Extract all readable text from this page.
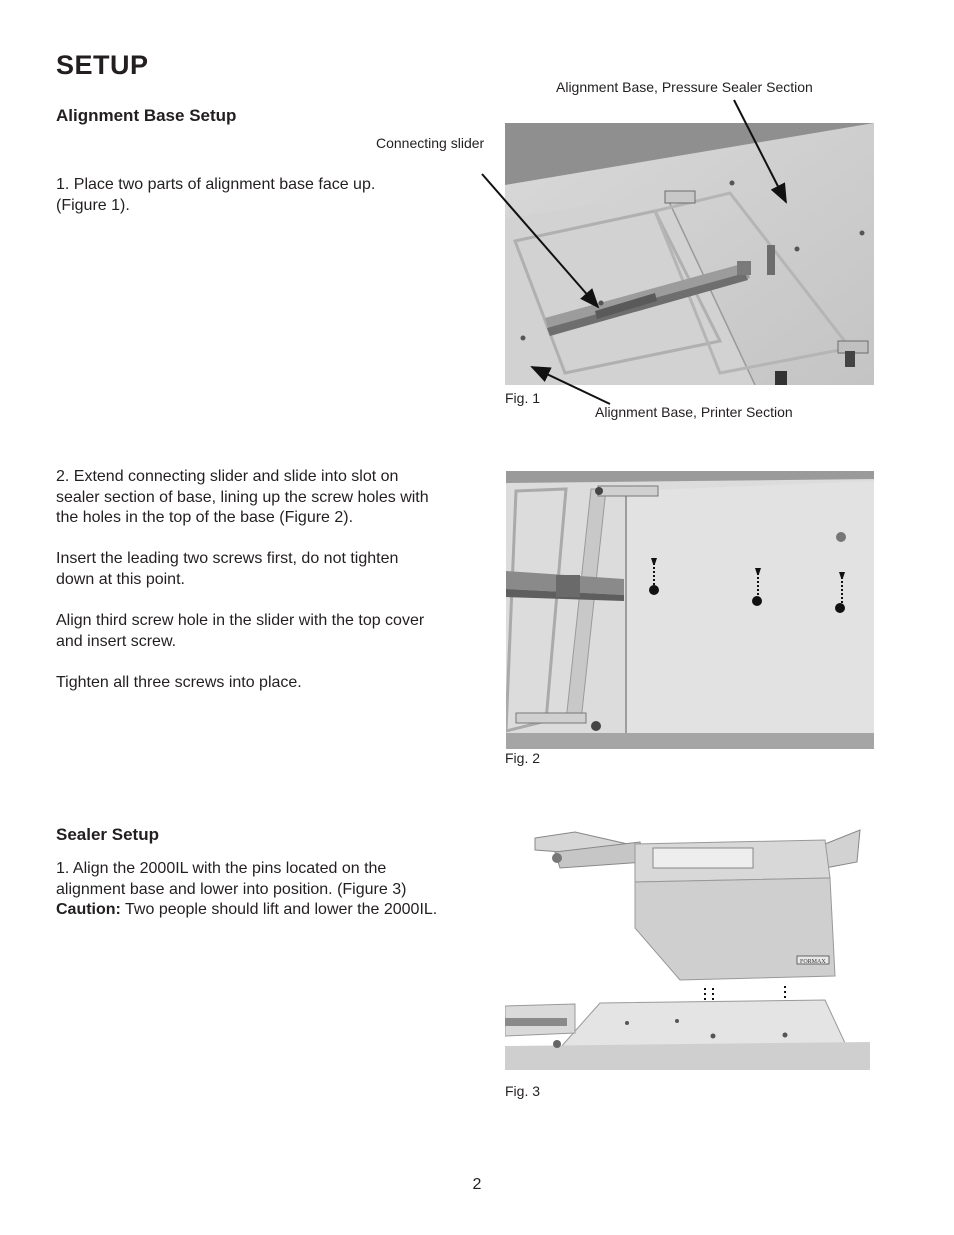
SETUP
Alignment Base Setup
1. Place two parts of alignment base face up.
(Figure 1).
Alignment Base, Pressure Sealer Section
Connecting slider
Fig. 1
Alignment Base, Printer Section

2. Extend connecting slider and slide into slot on sealer section of base, lining up the screw holes with the holes in the top of the base (Figure 2).

Insert the leading two screws first, do not tighten down at this point.

Align third screw hole in the slider with the top cover and insert screw.

Tighten all three screws into place.

Fig. 2
Sealer Setup
1. Align the 2000IL with the pins located on the alignment base and lower into position. (Figure 3)
Caution: Two people should lift and lower the 2000IL.
FORMAX
Fig. 3
2
